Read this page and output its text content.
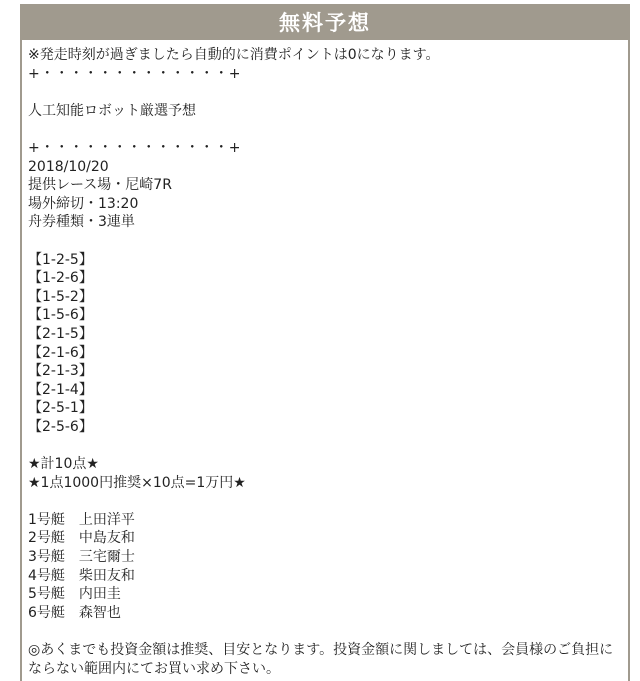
無料予想
※発走時刻が過ぎましたら自動的に消費ポイントは0になります。
+・・・・・・・・・・・・・+
人工知能ロボット厳選予想
+・・・・・・・・・・・・・+
2018/10/20
提供レース場・尼崎7R
場外締切・13:20
舟券種類・3連単
【1-2-5】
【1-2-6】
【1-5-2】
【1-5-6】
【2-1-5】
【2-1-6】
【2-1-3】
【2-1-4】
【2-5-1】
【2-5-6】
★計10点★
★1点1000円推奨×10点=1万円★
1号艇　 上田洋平
2号艇　 中島友和
3号艇　 三宅爾士
4号艇　 柴田友和
5号艇　 内田圭
6号艇　 森智也
◎あくまでも投資金額は推奨、目安となります。投資金額に関しましては、会員様のご負担にならない範囲内にてお買い求め下さい。
